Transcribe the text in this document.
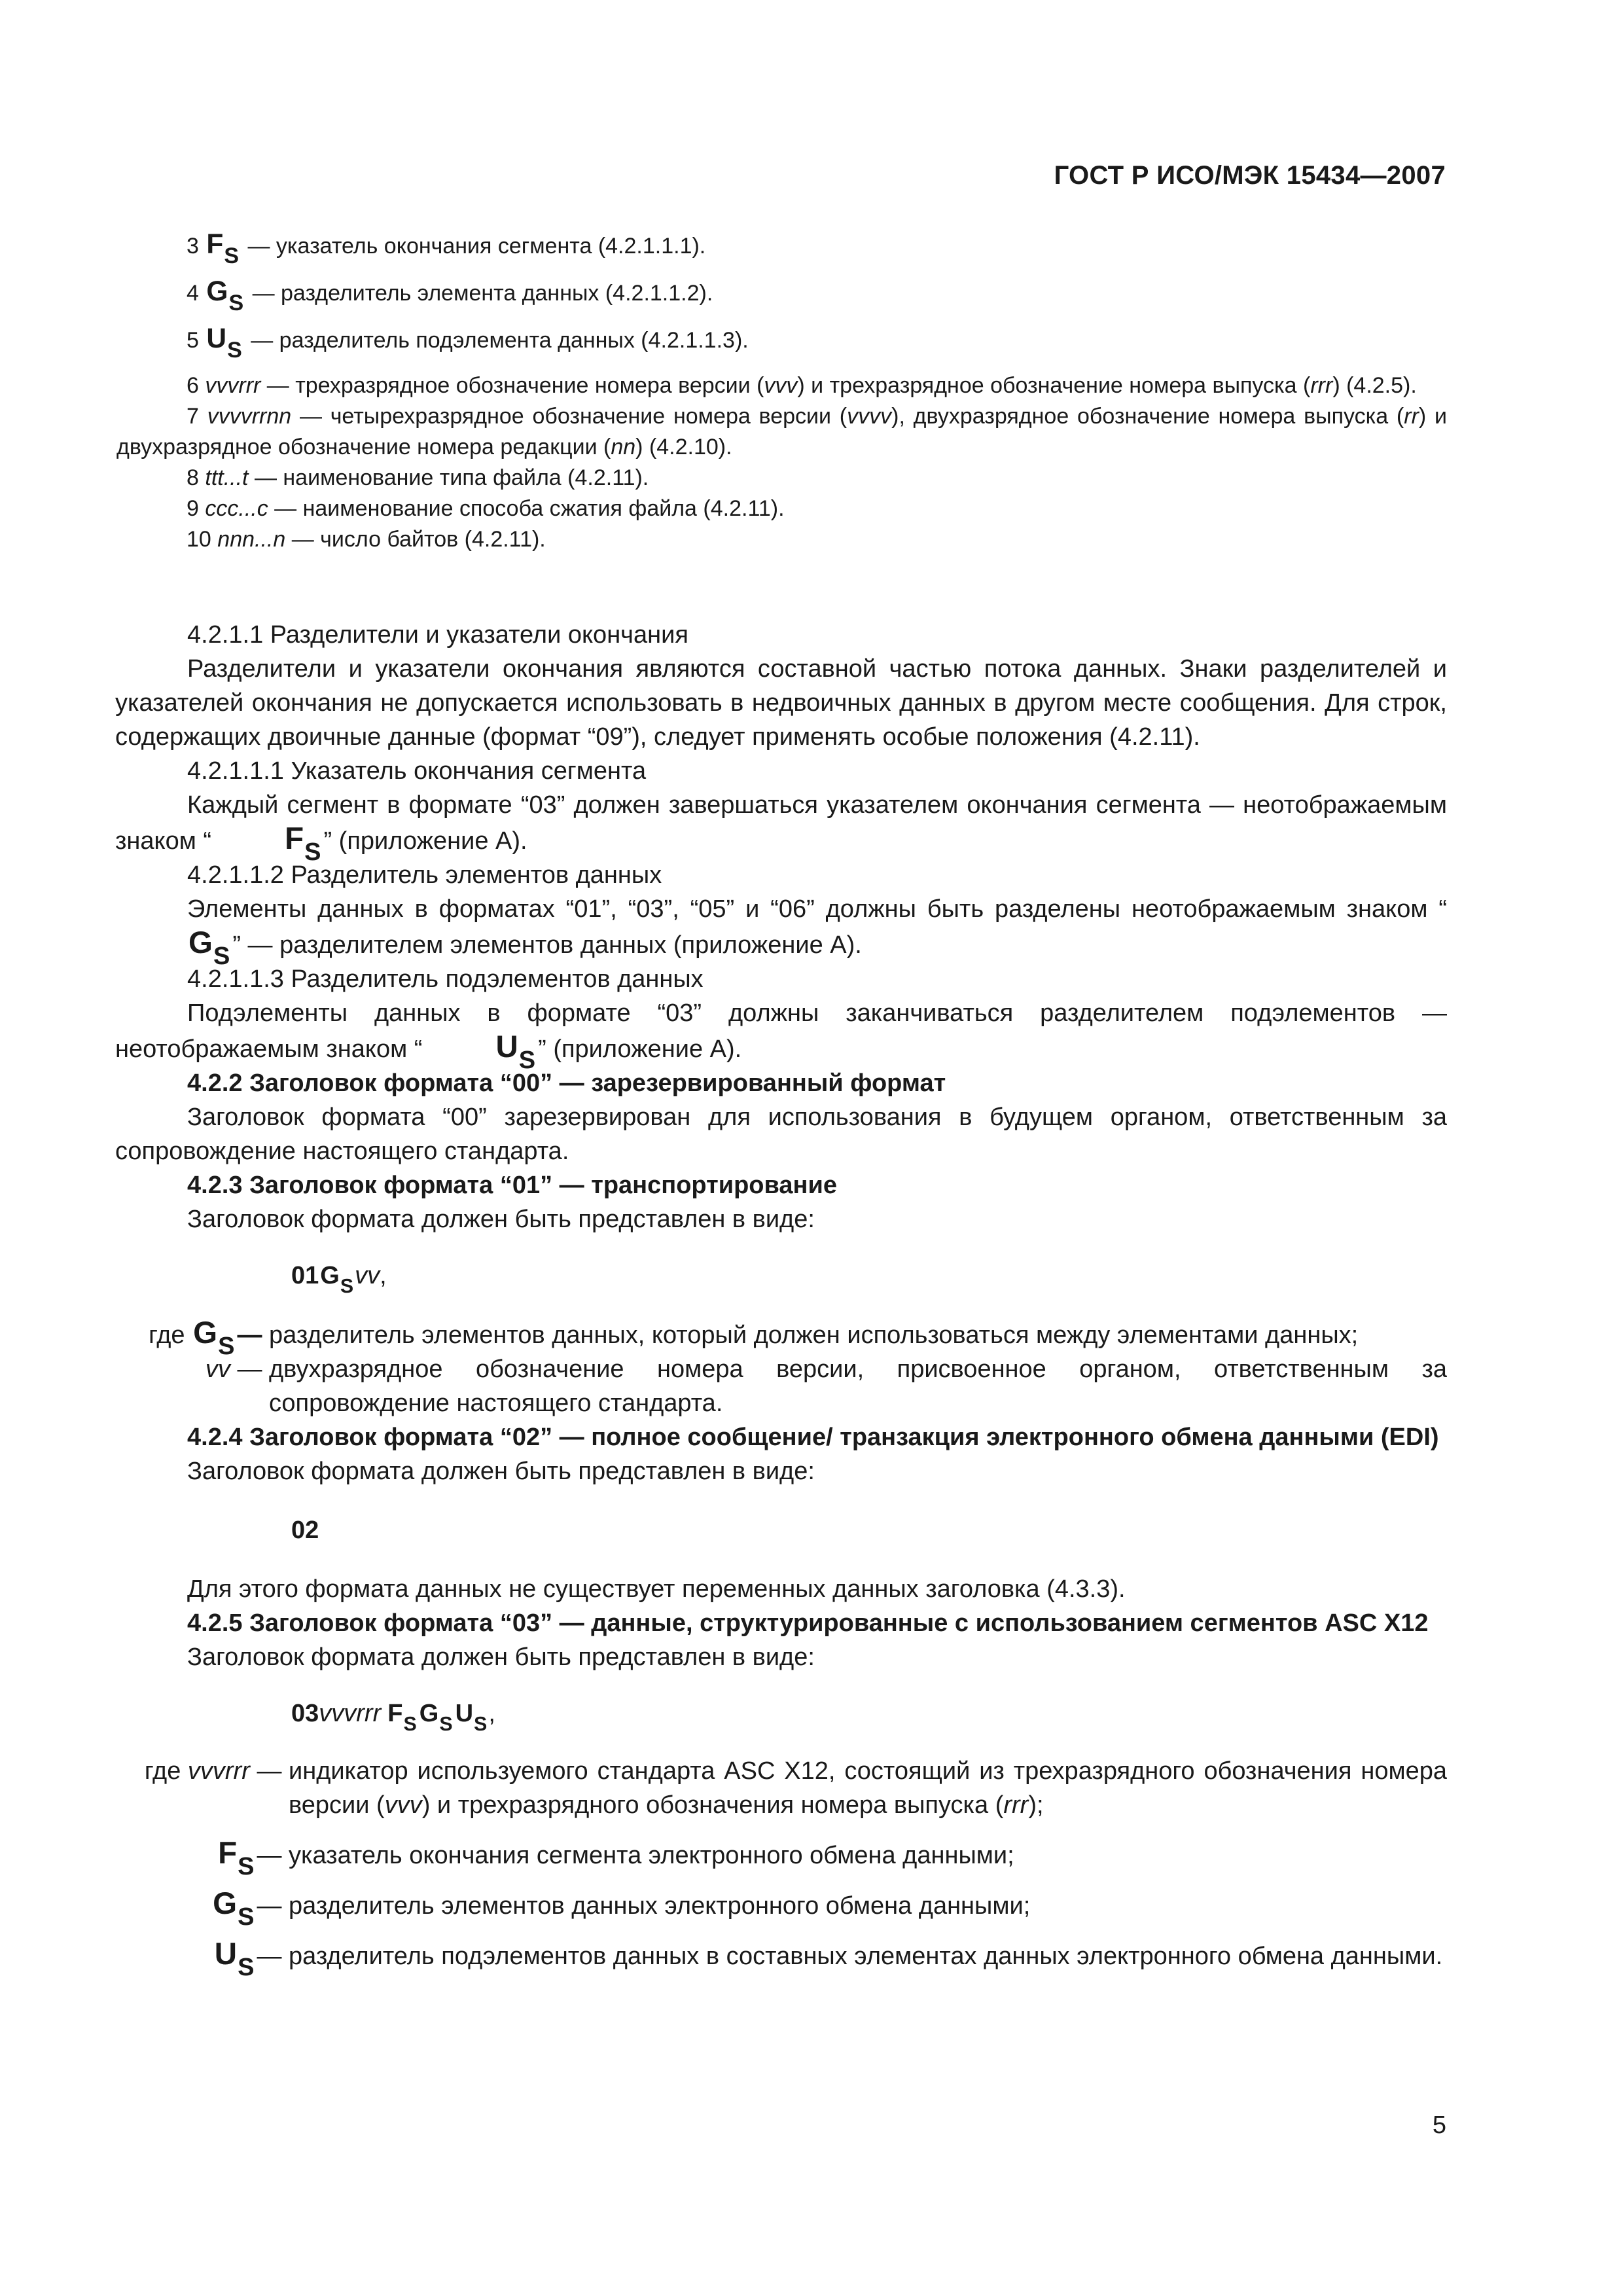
ГОСТ Р ИСО/МЭК 15434—2007
3 $F_S$ — указатель окончания сегмента (4.2.1.1.1).
4 $G_S$ — разделитель элемента данных (4.2.1.1.2).
5 $U_S$ — разделитель подэлемента данных (4.2.1.1.3).
6 vvvrrr — трехразрядное обозначение номера версии (vvv) и трехразрядное обозначение номера выпуска (rrr) (4.2.5).
7 vvvvrrnn — четырехразрядное обозначение номера версии (vvvv), двухразрядное обозначение номера выпуска (rr) и двухразрядное обозначение номера редакции (nn) (4.2.10).
8 ttt...t — наименование типа файла (4.2.11).
9 ccc...c — наименование способа сжатия файла (4.2.11).
10 nnn...n — число байтов (4.2.11).

4.2.1.1 Разделители и указатели окончания

Разделители и указатели окончания являются составной частью потока данных. Знаки разделителей и указателей окончания не допускается использовать в недвоичных данных в другом месте сообщения. Для строк, содержащих двоичные данные (формат “09”), следует применять особые положения (4.2.11).

4.2.1.1.1 Указатель окончания сегмента

Каждый сегмент в формате “03” должен завершаться указателем окончания сегмента — неотображаемым знаком “ $F_S$ ” (приложение A).

4.2.1.1.2 Разделитель элементов данных

Элементы данных в форматах “01”, “03”, “05” и “06” должны быть разделены неотображаемым знаком “$G_S$ ” — разделителем элементов данных (приложение A).

4.2.1.1.3 Разделитель подэлементов данных

Подэлементы данных в формате “03” должны заканчиваться разделителем подэлементов — неотображаемым знаком “ $U_S$ ” (приложение A).

4.2.2 Заголовок формата “00” — зарезервированный формат

Заголовок формата “00” зарезервирован для использования в будущем органом, ответственным за сопровождение настоящего стандарта.

4.2.3 Заголовок формата “01” — транспортирование

Заголовок формата должен быть представлен в виде:

$01G_Svv$,
где $G_S$ — разделитель элементов данных, который должен использоваться между элементами данных;
vv — двухразрядное обозначение номера версии, присвоенное органом, ответственным за сопровождение настоящего стандарта.

4.2.4 Заголовок формата “02” — полное сообщение/ транзакция электронного обмена данными (EDI)

Заголовок формата должен быть представлен в виде:

02

Для этого формата данных не существует переменных данных заголовка (4.3.3).

4.2.5 Заголовок формата “03” — данные, структурированные с использованием сегментов ASC X12

Заголовок формата должен быть представлен в виде:

03vvvrrr $F_S$ $G_S$ $U_S$,
где vvvrrr — индикатор используемого стандарта ASC X12, состоящий из трехразрядного обозначения номера версии (vvv) и трехразрядного обозначения номера выпуска (rrr);
$F_S$ — указатель окончания сегмента электронного обмена данными;
$G_S$ — разделитель элементов данных электронного обмена данными;
$U_S$ — разделитель подэлементов данных в составных элементах данных электронного обмена данными.
5
